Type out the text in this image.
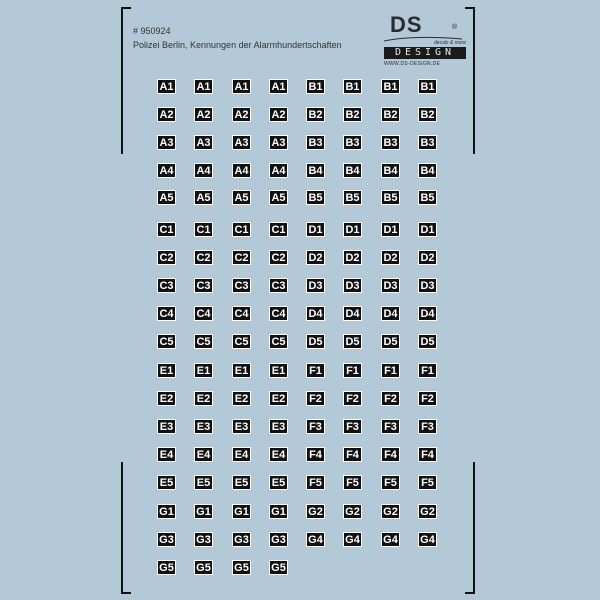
# 950924
Polizei Berlin, Kennungen der Alarmhundertschaften
DS	®
decals & more
DESIGN
WWW.DS-DESIGN.DE
A1 A1 A1 A1 B1 B1 B1 B1
A2 A2 A2 A2 B2 B2 B2 B2
A3 A3 A3 A3 B3 B3 B3 B3
A4 A4 A4 A4 B4 B4 B4 B4
A5 A5 A5 A5 B5 B5 B5 B5
C1 C1 C1 C1 D1 D1 D1 D1
C2 C2 C2 C2 D2 D2 D2 D2
C3 C3 C3 C3 D3 D3 D3 D3
C4 C4 C4 C4 D4 D4 D4 D4
C5 C5 C5 C5 D5 D5 D5 D5
E1 E1 E1 E1 F1 F1 F1 F1
E2 E2 E2 E2 F2 F2 F2 F2
E3 E3 E3 E3 F3 F3 F3 F3
E4 E4 E4 E4 F4 F4 F4 F4
E5 E5 E5 E5 F5 F5 F5 F5
G1 G1 G1 G1 G2 G2 G2 G2
G3 G3 G3 G3 G4 G4 G4 G4
G5 G5 G5 G5
